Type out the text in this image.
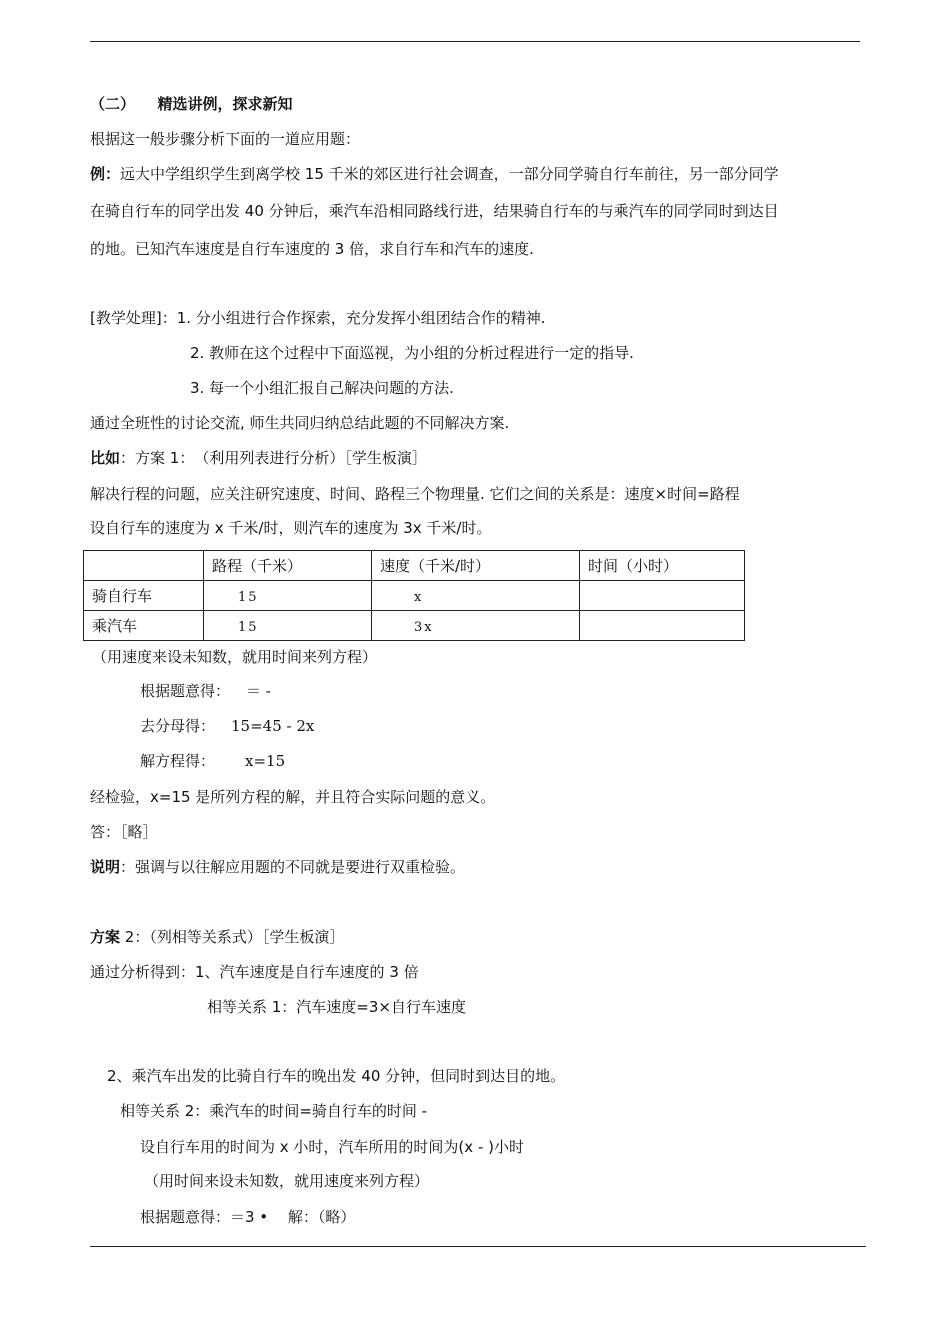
（二）　　精选讲例，探求新知
根据这一般步骤分析下面的一道应用题：
例：远大中学组织学生到离学校 15 千米的郊区进行社会调查，一部分同学骑自行车前往，另一部分同学
在骑自行车的同学出发 40 分钟后，乘汽车沿相同路线行进，结果骑自行车的与乘汽车的同学同时到达目
的地。已知汽车速度是自行车速度的 3 倍，求自行车和汽车的速度.
[教学处理]：1. 分小组进行合作探索，充分发挥小组团结合作的精神.
2. 教师在这个过程中下面巡视，为小组的分析过程进行一定的指导.
3. 每一个小组汇报自己解决问题的方法.
通过全班性的讨论交流, 师生共同归纳总结此题的不同解决方案.
比如：方案 1：　（利用列表进行分析）［学生板演］
解决行程的问题，应关注研究速度、时间、路程三个物理量. 它们之间的关系是：速度×时间=路程
设自行车的速度为 x 千米/时，则汽车的速度为 3x 千米/时。
	路程（千米）	速度（千米/时）	时间（小时）
骑自行车	15	x	
乘汽车	15	3x	
（用速度来设未知数，就用时间来列方程）
根据题意得： ＝ -
去分母得： 15=45 - 2x
解方程得： x=15
经检验，x=15 是所列方程的解，并且符合实际问题的意义。
答：［略］
说明：强调与以往解应用题的不同就是要进行双重检验。
方案 2：（列相等关系式）［学生板演］
通过分析得到：1、汽车速度是自行车速度的 3 倍
相等关系 1：汽车速度=3×自行车速度
2、乘汽车出发的比骑自行车的晚出发 40 分钟，但同时到达目的地。
相等关系 2：乘汽车的时间=骑自行车的时间 -
设自行车用的时间为 x 小时，汽车所用的时间为(x - )小时
（用时间来设未知数，就用速度来列方程）
根据题意得：＝3 •　 解：（略）
